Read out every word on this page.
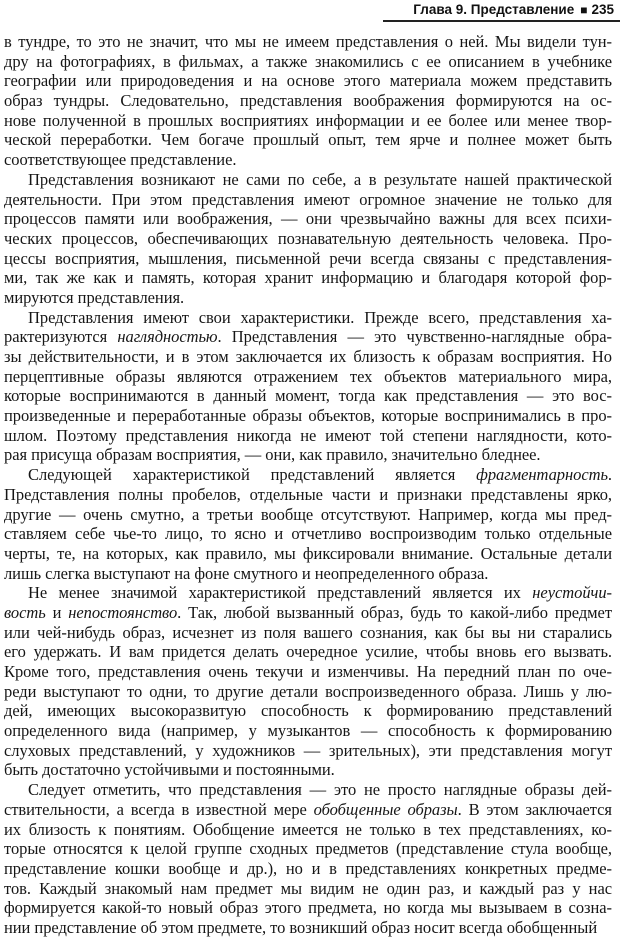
Глава 9. Представление ■ 235
в тундре, то это не значит, что мы не имеем представления о ней. Мы видели тун-
дру на фотографиях, в фильмах, а также знакомились с ее описанием в учебнике
географии или природоведения и на основе этого материала можем представить
образ тундры. Следовательно, представления воображения формируются на ос-
нове полученной в прошлых восприятиях информации и ее более или менее твор-
ческой переработки. Чем богаче прошлый опыт, тем ярче и полнее может быть
соответствующее представление.
Представления возникают не сами по себе, а в результате нашей практической
деятельности. При этом представления имеют огромное значение не только для
процессов памяти или воображения, — они чрезвычайно важны для всех психи-
ческих процессов, обеспечивающих познавательную деятельность человека. Про-
цессы восприятия, мышления, письменной речи всегда связаны с представления-
ми, так же как и память, которая хранит информацию и благодаря которой фор-
мируются представления.
Представления имеют свои характеристики. Прежде всего, представления ха-
рактеризуются наглядностью. Представления — это чувственно-наглядные обра-
зы действительности, и в этом заключается их близость к образам восприятия. Но
перцептивные образы являются отражением тех объектов материального мира,
которые воспринимаются в данный момент, тогда как представления — это вос-
произведенные и переработанные образы объектов, которые воспринимались в про-
шлом. Поэтому представления никогда не имеют той степени наглядности, кото-
рая присуща образам восприятия, — они, как правило, значительно бледнее.
Следующей характеристикой представлений является фрагментарность.
Представления полны пробелов, отдельные части и признаки представлены ярко,
другие — очень смутно, а третьи вообще отсутствуют. Например, когда мы пред-
ставляем себе чье-то лицо, то ясно и отчетливо воспроизводим только отдельные
черты, те, на которых, как правило, мы фиксировали внимание. Остальные детали
лишь слегка выступают на фоне смутного и неопределенного образа.
Не менее значимой характеристикой представлений является их неустойчи-
вость и непостоянство. Так, любой вызванный образ, будь то какой-либо предмет
или чей-нибудь образ, исчезнет из поля вашего сознания, как бы вы ни старались
его удержать. И вам придется делать очередное усилие, чтобы вновь его вызвать.
Кроме того, представления очень текучи и изменчивы. На передний план по оче-
реди выступают то одни, то другие детали воспроизведенного образа. Лишь у лю-
дей, имеющих высокоразвитую способность к формированию представлений
определенного вида (например, у музыкантов — способность к формированию
слуховых представлений, у художников — зрительных), эти представления могут
быть достаточно устойчивыми и постоянными.
Следует отметить, что представления — это не просто наглядные образы дей-
ствительности, а всегда в известной мере обобщенные образы. В этом заключается
их близость к понятиям. Обобщение имеется не только в тех представлениях, ко-
торые относятся к целой группе сходных предметов (представление стула вообще,
представление кошки вообще и др.), но и в представлениях конкретных предме-
тов. Каждый знакомый нам предмет мы видим не один раз, и каждый раз у нас
формируется какой-то новый образ этого предмета, но когда мы вызываем в созна-
нии представление об этом предмете, то возникший образ носит всегда обобщенный
